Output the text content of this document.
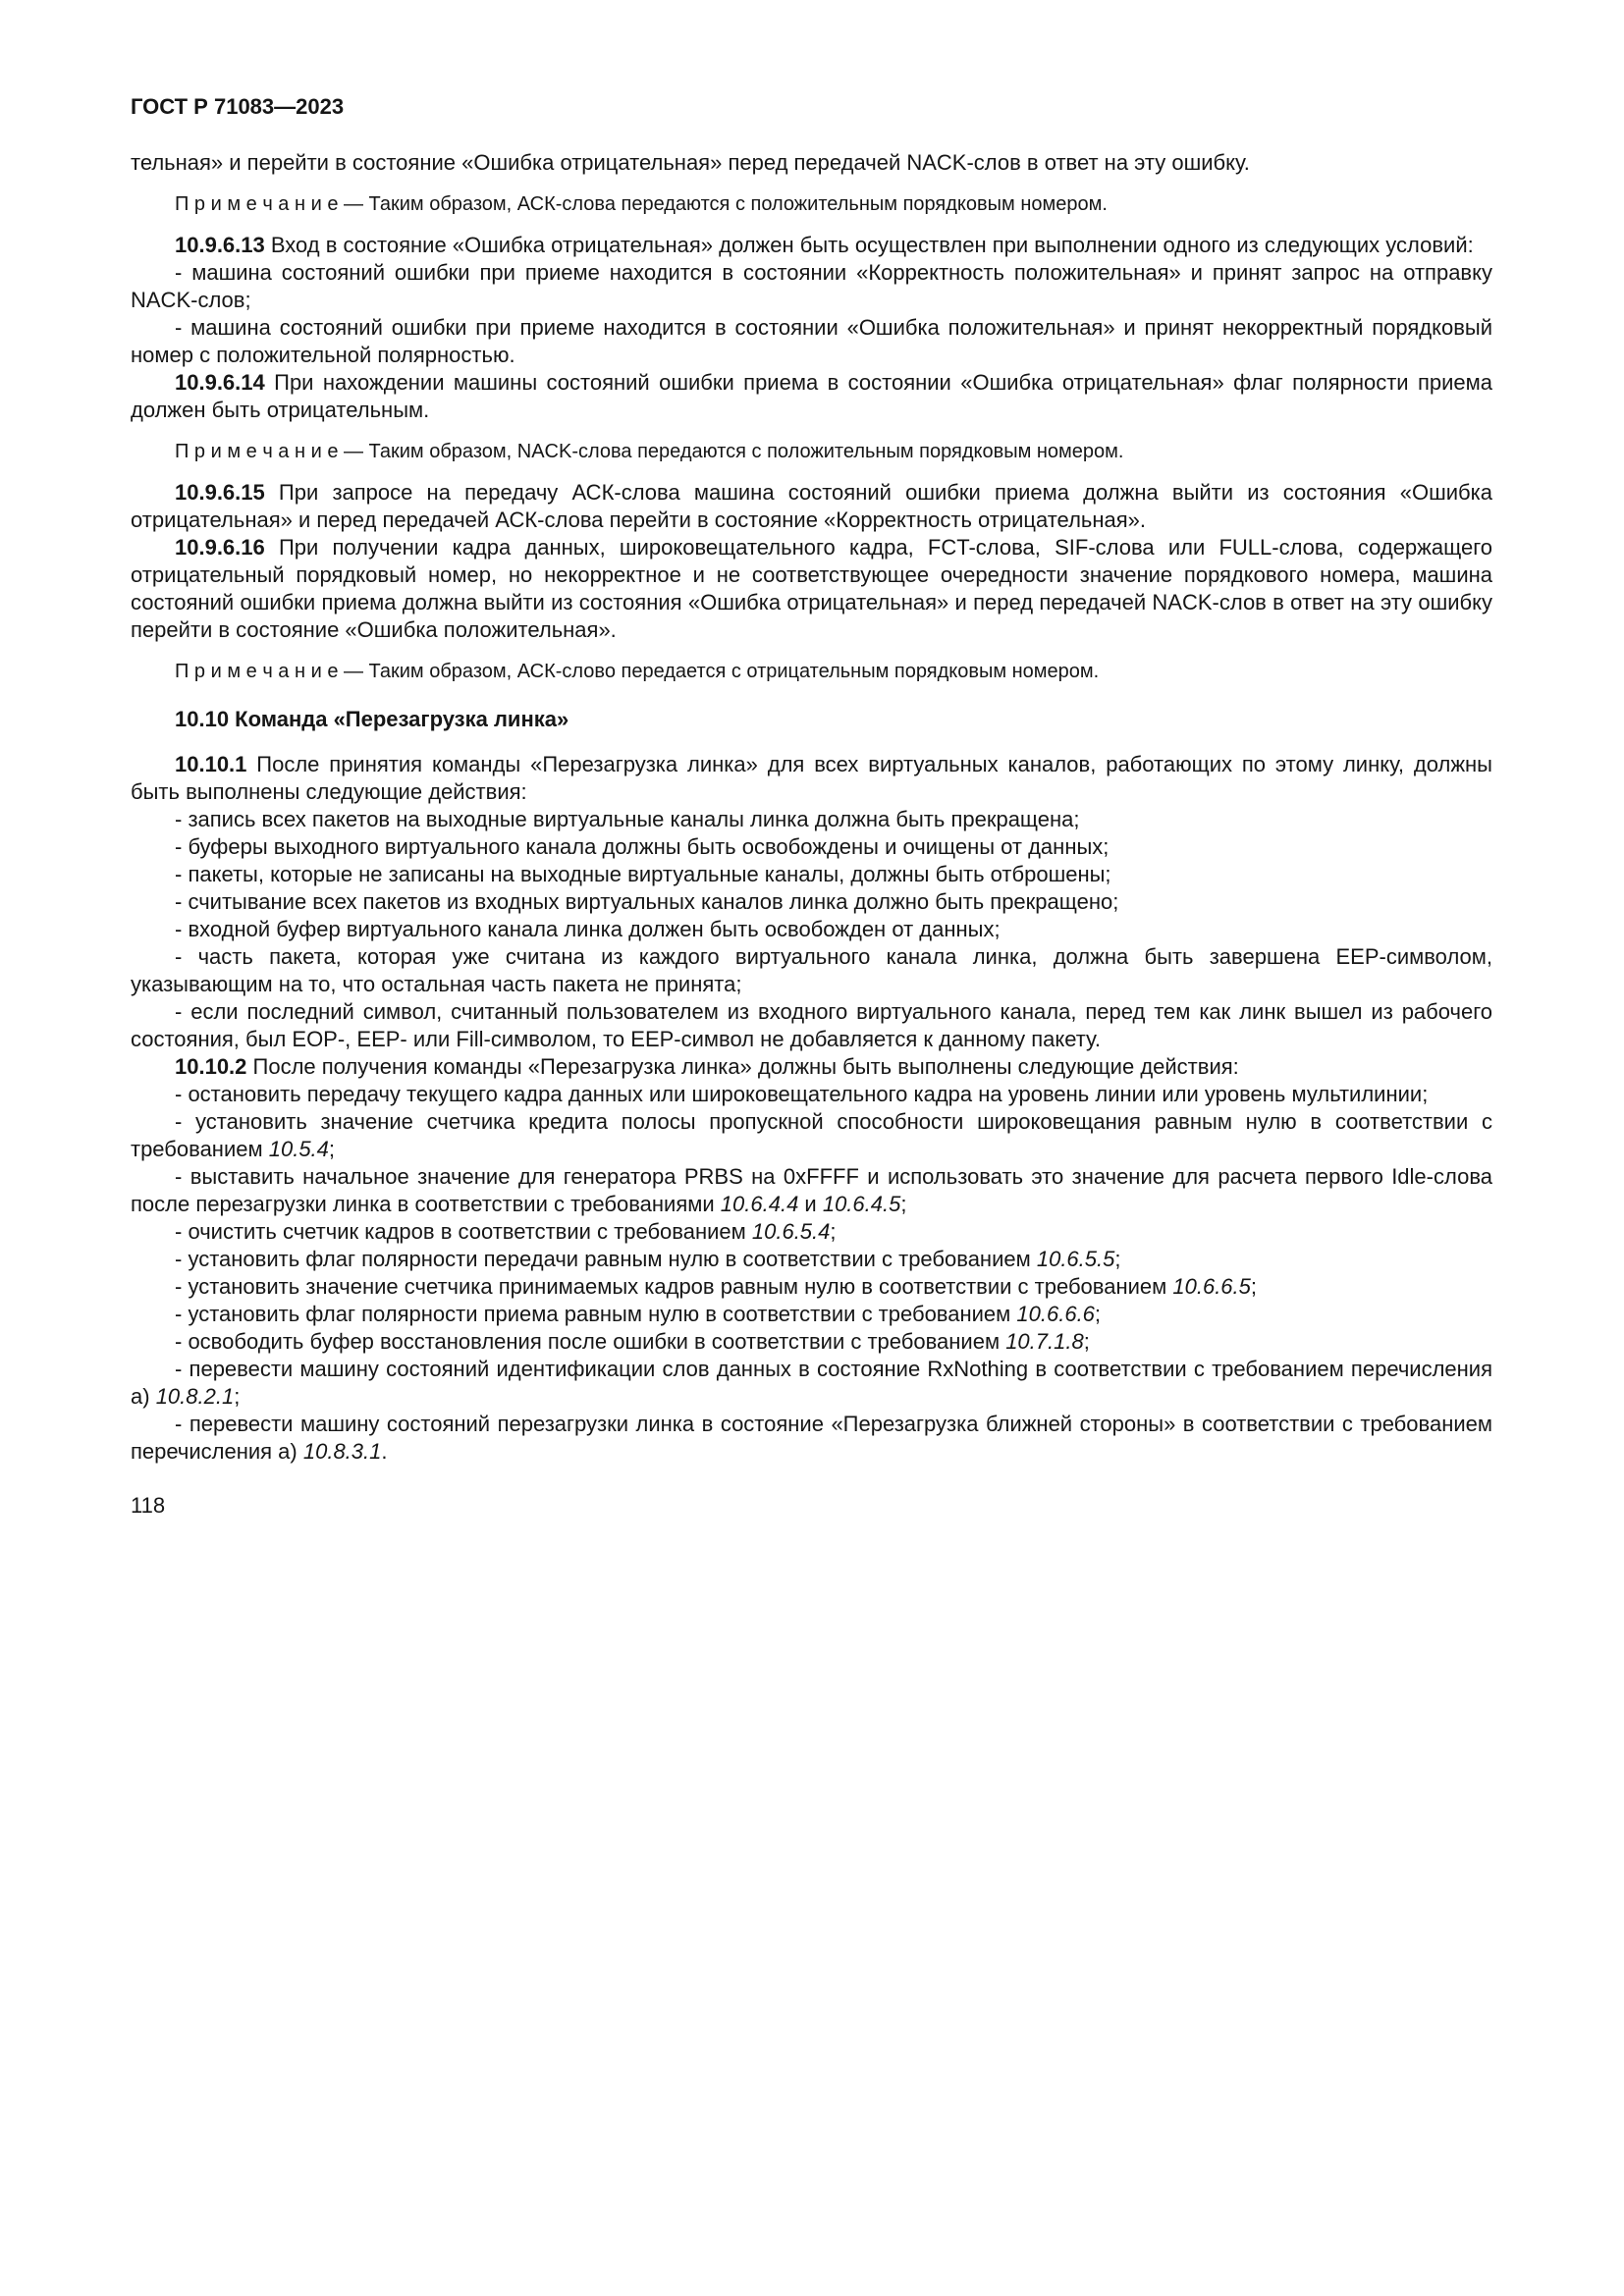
ГОСТ Р 71083—2023
тельная» и перейти в состояние «Ошибка отрицательная» перед передачей NACK-слов в ответ на эту ошибку.
П р и м е ч а н и е — Таким образом, АСК-слова передаются с положительным порядковым номером.
10.9.6.13 Вход в состояние «Ошибка отрицательная» должен быть осуществлен при выполнении одного из следующих условий:
- машина состояний ошибки при приеме находится в состоянии «Корректность положительная» и принят запрос на отправку NACK-слов;
- машина состояний ошибки при приеме находится в состоянии «Ошибка положительная» и принят некорректный порядковый номер с положительной полярностью.
10.9.6.14 При нахождении машины состояний ошибки приема в состоянии «Ошибка отрицательная» флаг полярности приема должен быть отрицательным.
П р и м е ч а н и е — Таким образом, NACK-слова передаются с положительным порядковым номером.
10.9.6.15 При запросе на передачу АСК-слова машина состояний ошибки приема должна выйти из состояния «Ошибка отрицательная» и перед передачей АСК-слова перейти в состояние «Корректность отрицательная».
10.9.6.16 При получении кадра данных, широковещательного кадра, FCT-слова, SIF-слова или FULL-слова, содержащего отрицательный порядковый номер, но некорректное и не соответствующее очередности значение порядкового номера, машина состояний ошибки приема должна выйти из состояния «Ошибка отрицательная» и перед передачей NACK-слов в ответ на эту ошибку перейти в состояние «Ошибка положительная».
П р и м е ч а н и е — Таким образом, АСК-слово передается с отрицательным порядковым номером.
10.10 Команда «Перезагрузка линка»
10.10.1 После принятия команды «Перезагрузка линка» для всех виртуальных каналов, работающих по этому линку, должны быть выполнены следующие действия:
- запись всех пакетов на выходные виртуальные каналы линка должна быть прекращена;
- буферы выходного виртуального канала должны быть освобождены и очищены от данных;
- пакеты, которые не записаны на выходные виртуальные каналы, должны быть отброшены;
- считывание всех пакетов из входных виртуальных каналов линка должно быть прекращено;
- входной буфер виртуального канала линка должен быть освобожден от данных;
- часть пакета, которая уже считана из каждого виртуального канала линка, должна быть завершена EEP-символом, указывающим на то, что остальная часть пакета не принята;
- если последний символ, считанный пользователем из входного виртуального канала, перед тем как линк вышел из рабочего состояния, был EOP-, EEP- или Fill-символом, то EEP-символ не добавляется к данному пакету.
10.10.2 После получения команды «Перезагрузка линка» должны быть выполнены следующие действия:
- остановить передачу текущего кадра данных или широковещательного кадра на уровень линии или уровень мультилинии;
- установить значение счетчика кредита полосы пропускной способности широковещания равным нулю в соответствии с требованием 10.5.4;
- выставить начальное значение для генератора PRBS на 0xFFFF и использовать это значение для расчета первого Idle-слова после перезагрузки линка в соответствии с требованиями 10.6.4.4 и 10.6.4.5;
- очистить счетчик кадров в соответствии с требованием 10.6.5.4;
- установить флаг полярности передачи равным нулю в соответствии с требованием 10.6.5.5;
- установить значение счетчика принимаемых кадров равным нулю в соответствии с требованием 10.6.6.5;
- установить флаг полярности приема равным нулю в соответствии с требованием 10.6.6.6;
- освободить буфер восстановления после ошибки в соответствии с требованием 10.7.1.8;
- перевести машину состояний идентификации слов данных в состояние RxNothing в соответствии с требованием перечисления а) 10.8.2.1;
- перевести машину состояний перезагрузки линка в состояние «Перезагрузка ближней стороны» в соответствии с требованием перечисления а) 10.8.3.1.
118
